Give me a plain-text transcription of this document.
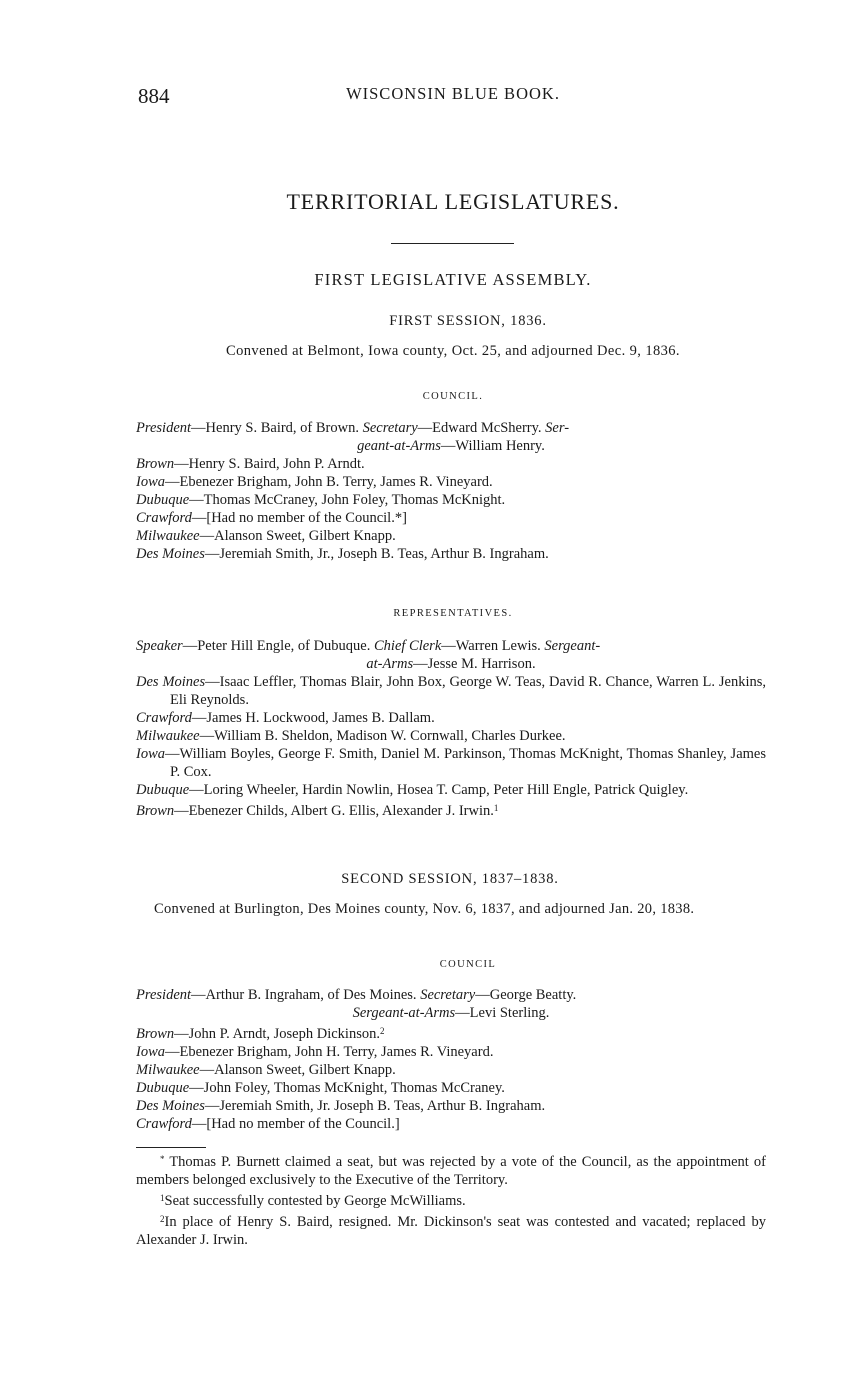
884	WISCONSIN BLUE BOOK.
TERRITORIAL LEGISLATURES.
FIRST LEGISLATIVE ASSEMBLY.
FIRST SESSION, 1836.
Convened at Belmont, Iowa county, Oct. 25, and adjourned Dec. 9, 1836.
COUNCIL.

President—Henry S. Baird, of Brown. Secretary—Edward McSherry. Ser-
geant-at-Arms—William Henry.

Brown—Henry S. Baird, John P. Arndt.

Iowa—Ebenezer Brigham, John B. Terry, James R. Vineyard.

Dubuque—Thomas McCraney, John Foley, Thomas McKnight.

Crawford—[Had no member of the Council.*]

Milwaukee—Alanson Sweet, Gilbert Knapp.

Des Moines—Jeremiah Smith, Jr., Joseph B. Teas, Arthur B. Ingraham.

REPRESENTATIVES.

Speaker—Peter Hill Engle, of Dubuque. Chief Clerk—Warren Lewis. Sergeant-
at-Arms—Jesse M. Harrison.

Des Moines—Isaac Leffler, Thomas Blair, John Box, George W. Teas, David R. Chance, Warren L. Jenkins, Eli Reynolds.

Crawford—James H. Lockwood, James B. Dallam.

Milwaukee—William B. Sheldon, Madison W. Cornwall, Charles Durkee.

Iowa—William Boyles, George F. Smith, Daniel M. Parkinson, Thomas McKnight, Thomas Shanley, James P. Cox.

Dubuque—Loring Wheeler, Hardin Nowlin, Hosea T. Camp, Peter Hill Engle, Patrick Quigley.

Brown—Ebenezer Childs, Albert G. Ellis, Alexander J. Irwin.$^1$

SECOND SESSION, 1837–1838.
Convened at Burlington, Des Moines county, Nov. 6, 1837, and adjourned Jan. 20, 1838.
COUNCIL

President—Arthur B. Ingraham, of Des Moines. Secretary—George Beatty.
Sergeant-at-Arms—Levi Sterling.

Brown—John P. Arndt, Joseph Dickinson.$^2$

Iowa—Ebenezer Brigham, John H. Terry, James R. Vineyard.

Milwaukee—Alanson Sweet, Gilbert Knapp.

Dubuque—John Foley, Thomas McKnight, Thomas McCraney.

Des Moines—Jeremiah Smith, Jr. Joseph B. Teas, Arthur B. Ingraham.

Crawford—[Had no member of the Council.]

* Thomas P. Burnett claimed a seat, but was rejected by a vote of the Council, as the appointment of members belonged exclusively to the Executive of the Territory.

$^1$Seat successfully contested by George McWilliams.

$^2$In place of Henry S. Baird, resigned. Mr. Dickinson's seat was contested and vacated; replaced by Alexander J. Irwin.
